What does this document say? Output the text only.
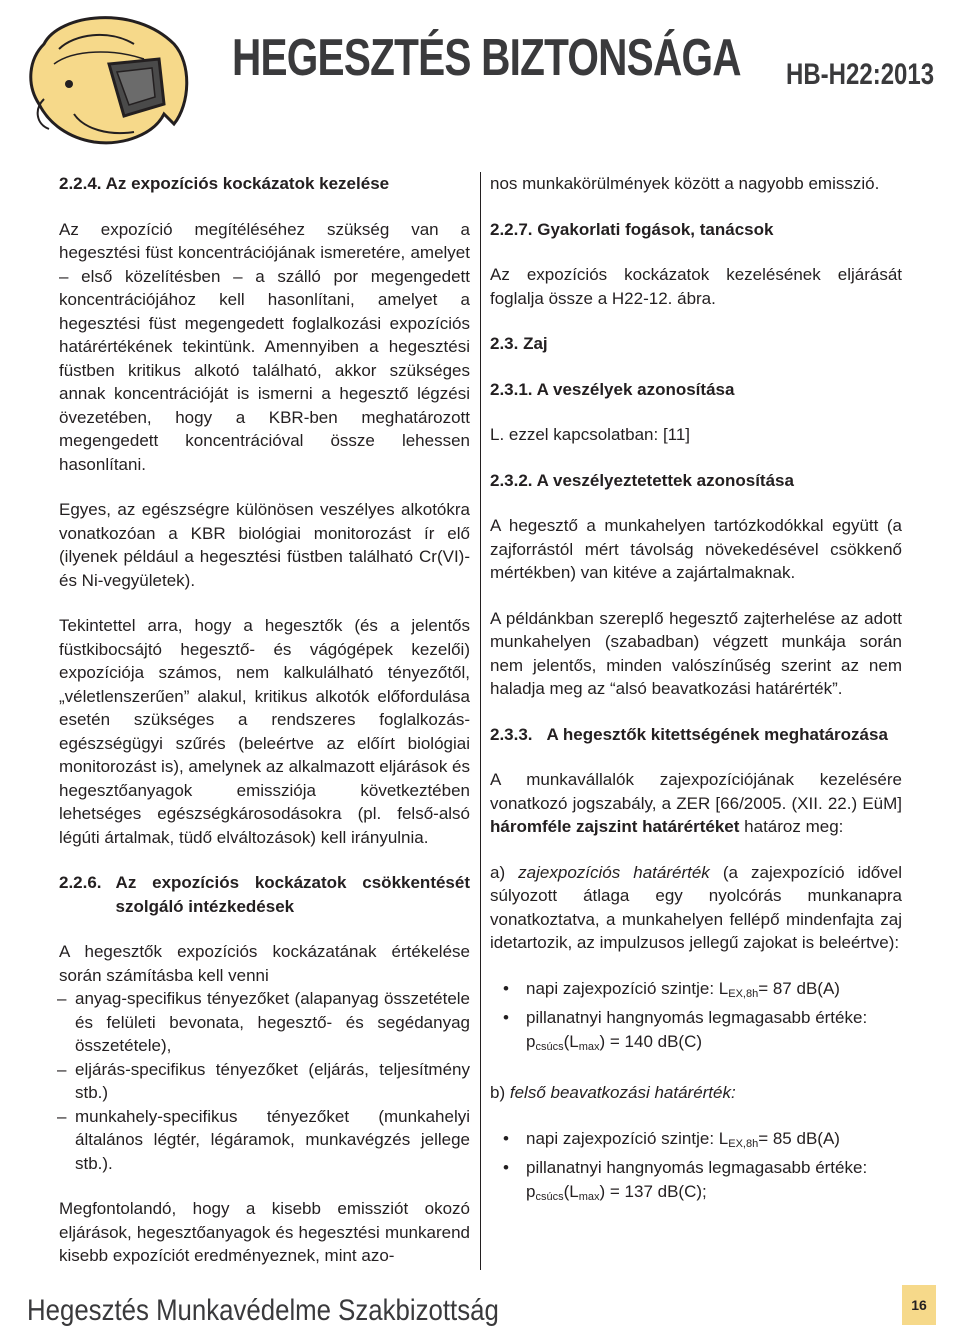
HEGESZTÉS BIZTONSÁGA HB-H22:2013
2.2.4. Az expozíciós kockázatok kezelése

Az expozíció megítéléséhez szükség van a hegesztési füst koncentrációjának ismeretére, amelyet – első közelítésben – a szálló por megengedett koncentrációjához kell hasonlítani, amelyet a hegesztési füst megengedett foglalkozási expozíciós határértékének tekintünk. Amennyiben a hegesztési füstben kritikus alkotó található, akkor szükséges annak koncentrációját is ismerni a hegesztő légzési övezetében, hogy a KBR-ben meghatározott megengedett koncentrációval össze lehessen hasonlítani.

Egyes, az egészségre különösen veszélyes alkotókra vonatkozóan a KBR biológiai monitorozást ír elő (ilyenek például a hegesztési füstben található Cr(VI)- és Ni-vegyületek).

Tekintettel arra, hogy a hegesztők (és a jelentős füstkibocsájtó hegesztő- és vágógépek kezelői) expozíciója számos, nem kalkulálható tényezőtől, „véletlenszerűen” alakul, kritikus alkotók előfordulása esetén szükséges a rendszeres foglalkozás-egészségügyi szűrés (beleértve az előírt biológiai monitorozást is), amelynek az alkalmazott eljárások és hegesztőanyagok emissziója következtében lehetséges egészségkárosodásokra (pl. felső-alsó légúti ártalmak, tüdő elváltozások) kell irányulnia.

2.2.6. Az expozíciós kockázatok csökkentését szolgáló intézkedések

A hegesztők expozíciós kockázatának értékelése során számításba kell venni

– anyag-specifikus tényezőket (alapanyag összetétele és felületi bevonata, hegesztő- és segédanyag összetétele),
– eljárás-specifikus tényezőket (eljárás, teljesítmény stb.)
– munkahely-specifikus tényezőket (munkahelyi általános légtér, légáramok, munkavégzés jellege stb.).

Megfontolandó, hogy a kisebb emissziót okozó eljárások, hegesztőanyagok és hegesztési munkarend kisebb expozíciót eredményeznek, mint azo-

nos munkakörülmények között a nagyobb emisszió.

2.2.7. Gyakorlati fogások, tanácsok

Az expozíciós kockázatok kezelésének eljárását foglalja össze a H22-12. ábra.

2.3. Zaj
2.3.1. A veszélyek azonosítása

L. ezzel kapcsolatban: [11]

2.3.2. A veszélyeztetettek azonosítása

A hegesztő a munkahelyen tartózkodókkal együtt (a zajforrástól mért távolság növekedésével csökkenő mértékben) van kitéve a zajártalmaknak.

A példánkban szereplő hegesztő zajterhelése az adott munkahelyen (szabadban) végzett munkája során nem jelentős, minden valószínűség szerint az nem haladja meg az “alsó beavatkozási határérték”.

2.3.3. A hegesztők kitettségének meghatározása

A munkavállalók zajexpozíciójának kezelésére vonatkozó jogszabály, a ZER [66/2005. (XII. 22.) EüM] háromféle zajszint határértéket határoz meg:

a) zajexpozíciós határérték (a zajexpozíció idővel súlyozott átlaga egy nyolcórás munkanapra vonatkoztatva, a munkahelyen fellépő mindenfajta zaj idetartozik, az impulzusos jellegű zajokat is beleértve):

• napi zajexpozíció szintje: $L_{EX,8h}= 87$ dB(A)
• pillanatnyi hangnyomás legmagasabb értéke: $p_{csúcs}(L_{max}) = 140$ dB(C)

b) felső beavatkozási határérték:

• napi zajexpozíció szintje: $L_{EX,8h}= 85$ dB(A)
• pillanatnyi hangnyomás legmagasabb értéke: $p_{csúcs}(L_{max}) = 137$ dB(C);
Hegesztés Munkavédelme Szakbizottság	16
